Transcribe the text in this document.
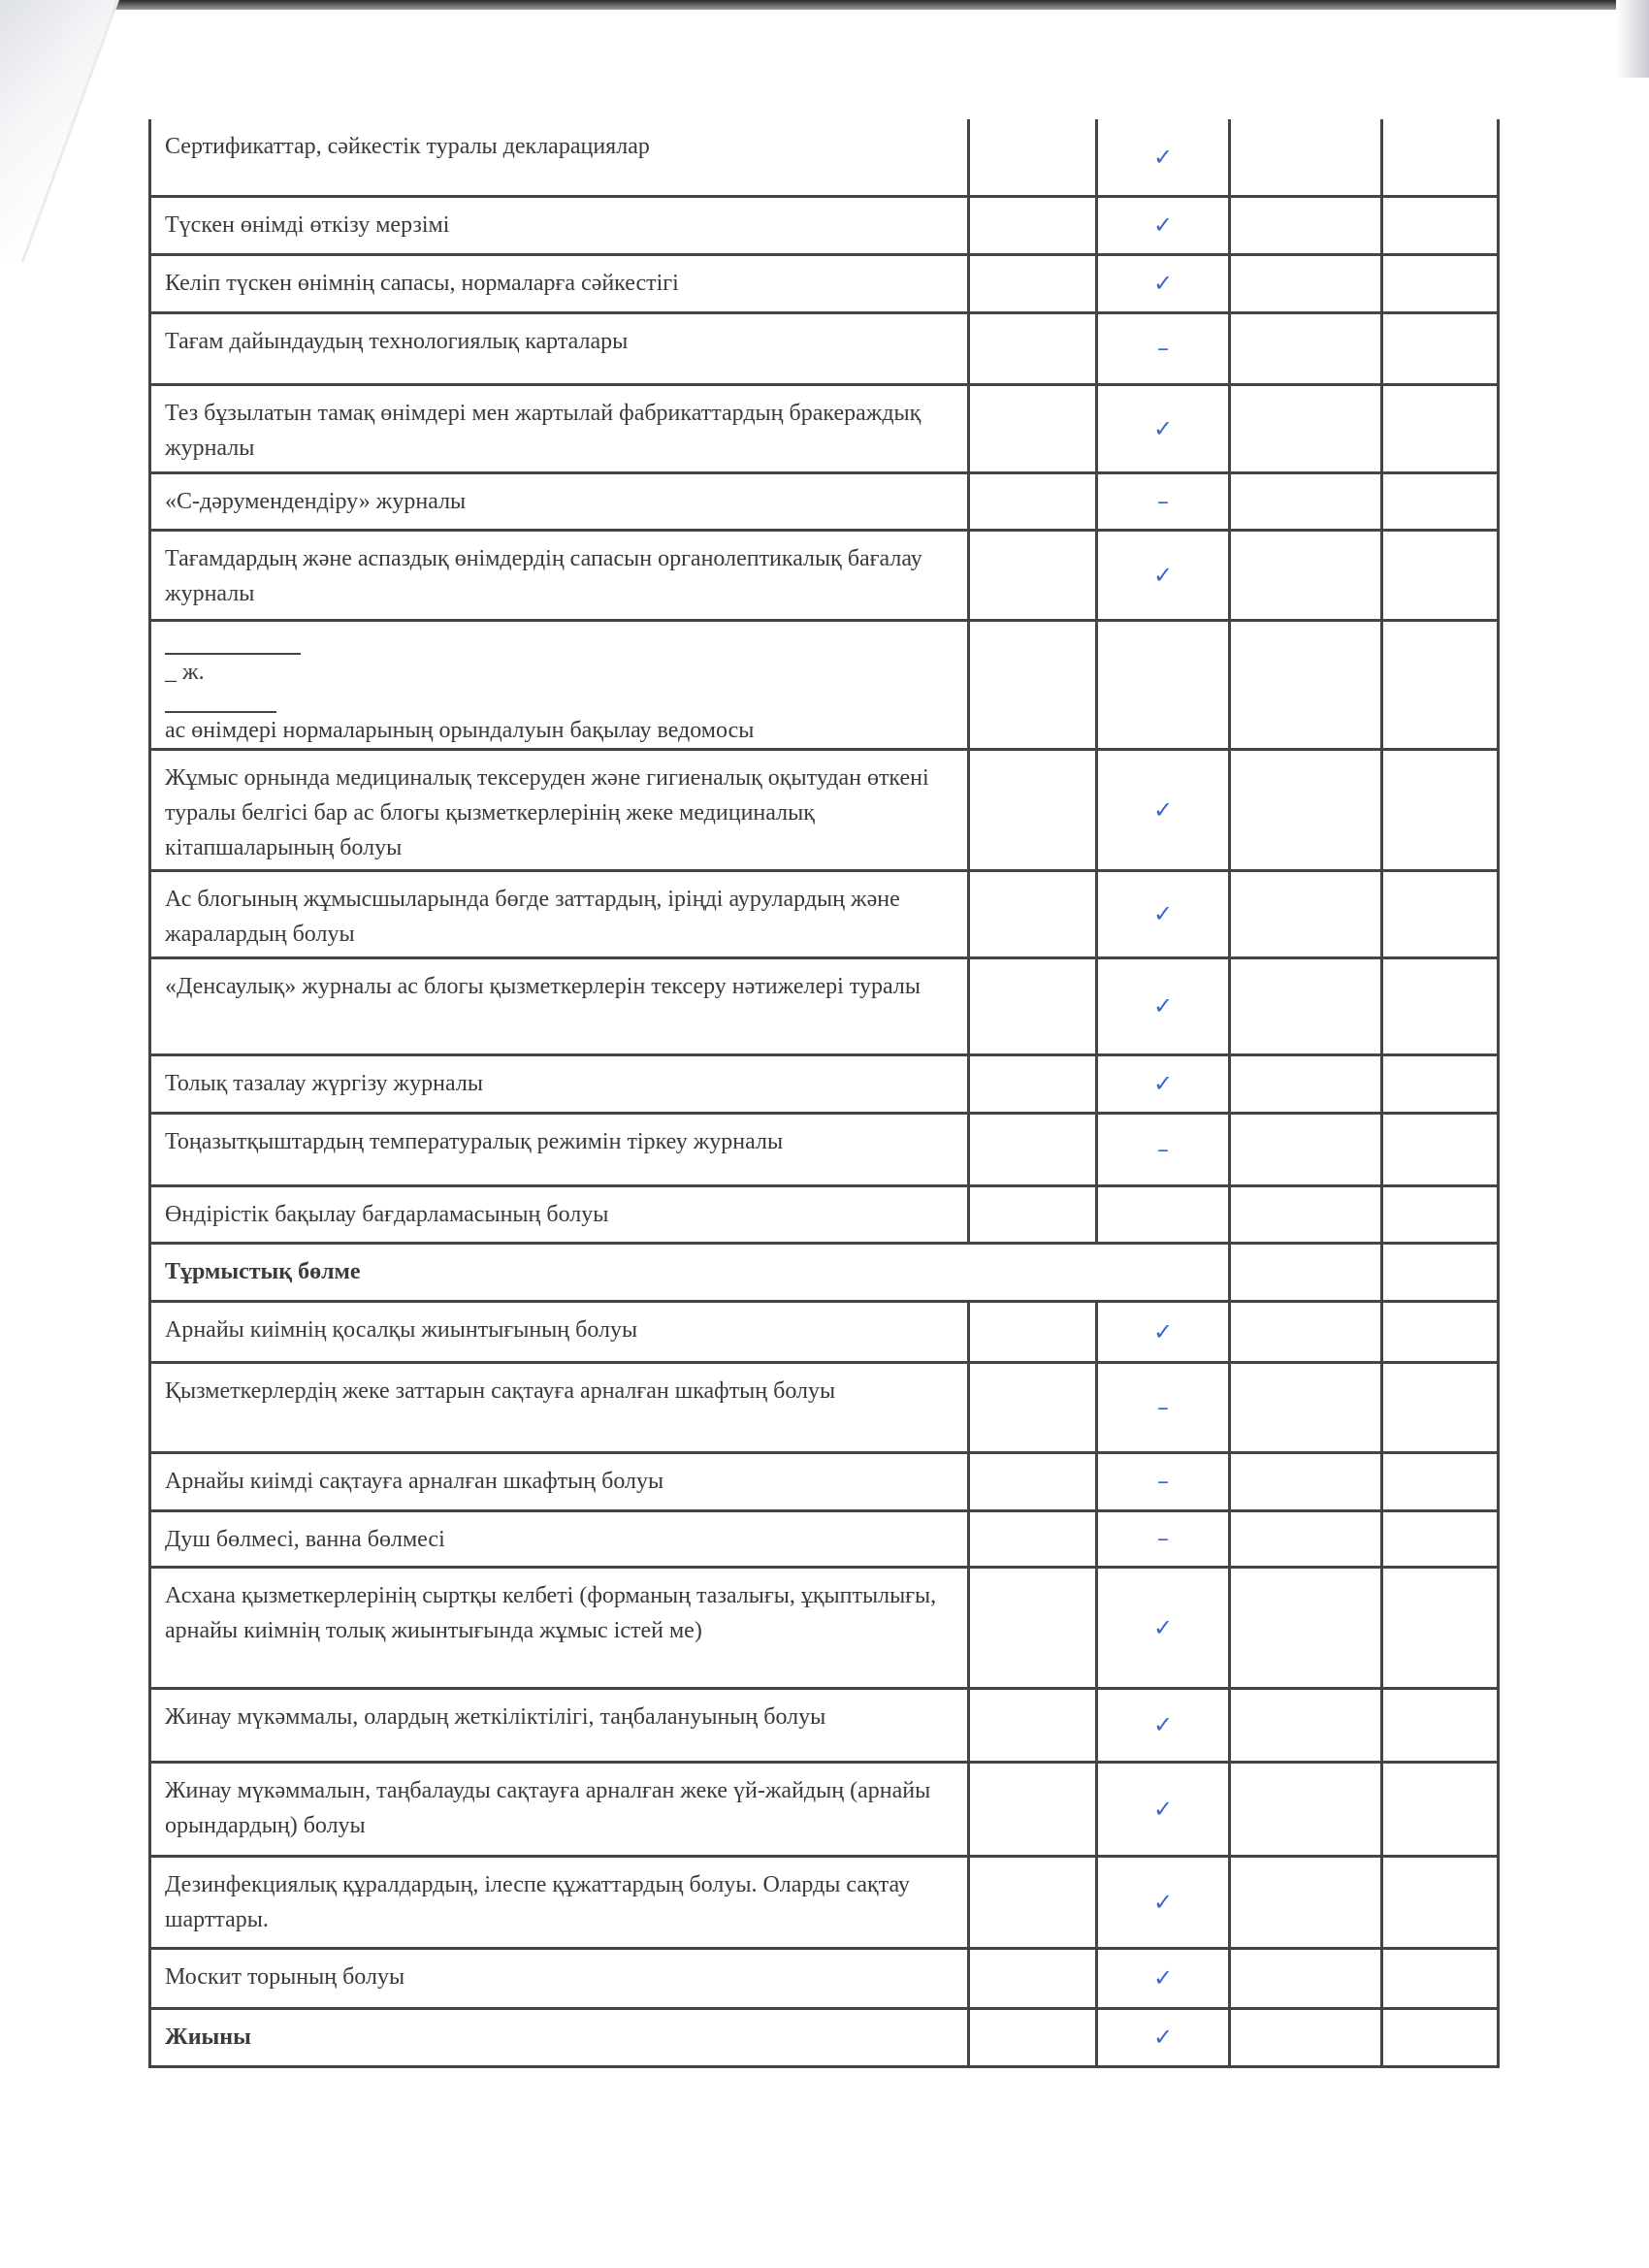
Сертификаттар, сәйкестік туралы декларациялар		✓		

Түскен өнімді өткізу мерзімі		✓		

Келіп түскен өнімнің сапасы, нормаларға сәйкестігі		✓		

Тағам дайындаудың технологиялық карталары		–		

Тез бұзылатын тамақ өнімдері мен жартылай фабрикаттардың бракераждық журналы		✓		

«С-дәрумендендіру» журналы		–		

Тағамдардың және аспаздық өнімдердің сапасын органолептикалық бағалау журналы		✓		

_ ж.
ас өнімдері нормаларының орындалуын бақылау ведомосы				

Жұмыс орнында медициналық тексеруден және гигиеналық оқытудан өткені туралы белгісі бар ас блогы қызметкерлерінің жеке медициналық кітапшаларының болуы		✓		

Ас блогының жұмысшыларында бөгде заттардың, іріңді аурулардың және жаралардың болуы		✓		

«Денсаулық» журналы ас блогы қызметкерлерін тексеру нәтижелері туралы		✓		

Толық тазалау жүргізу журналы		✓		

Тоңазытқыштардың температуралық режимін тіркеу журналы		–		

Өндірістік бақылау бағдарламасының болуы				

Тұрмыстық бөлме				

Арнайы киімнің қосалқы жиынтығының болуы		✓		

Қызметкерлердің жеке заттарын сақтауға арналған шкафтың болуы		–		

Арнайы киімді сақтауға арналған шкафтың болуы		–		

Душ бөлмесі, ванна бөлмесі		–		

Асхана қызметкерлерінің сыртқы келбеті (форманың тазалығы, ұқыптылығы, арнайы киімнің толық жиынтығында жұмыс істей ме)		✓		

Жинау мүкәммалы, олардың жеткіліктілігі, таңбалануының болуы		✓		

Жинау мүкәммалын, таңбалауды сақтауға арналған жеке үй-жайдың (арнайы орындардың) болуы		✓		

Дезинфекциялық құралдардың, ілеспе құжаттардың болуы. Оларды сақтау шарттары.		✓		

Москит торының болуы		✓		

Жиыны		✓		
